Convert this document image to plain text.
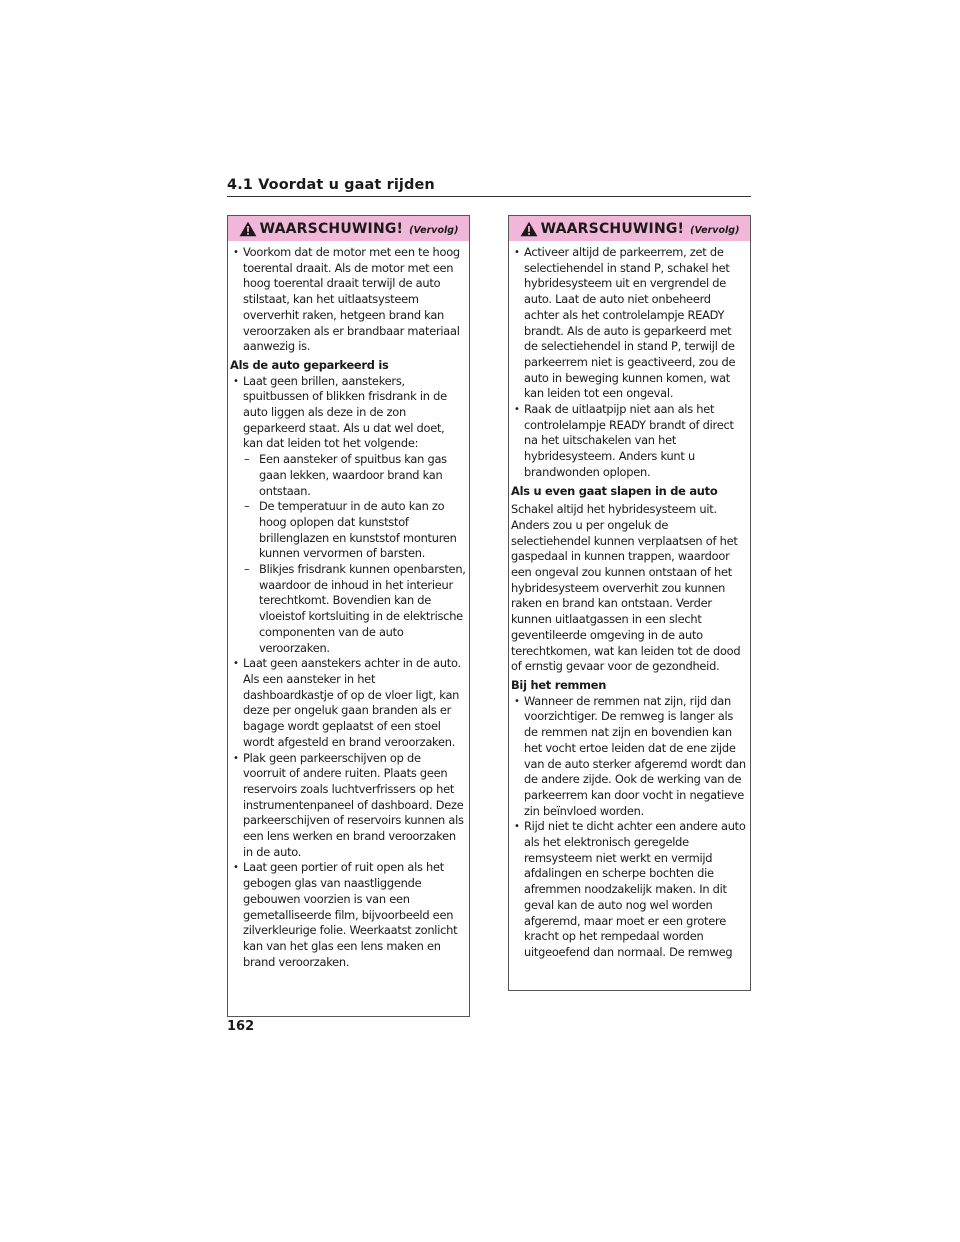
4.1 Voordat u gaat rijden
WAARSCHUWING! (Vervolg)
• Voorkom dat de motor met een te hoog toerental draait. Als de motor met een hoog toerental draait terwijl de auto stilstaat, kan het uitlaatsysteem oververhit raken, hetgeen brand kan veroorzaken als er brandbaar materiaal aanwezig is.
Als de auto geparkeerd is
• Laat geen brillen, aanstekers, spuitbussen of blikken frisdrank in de auto liggen als deze in de zon geparkeerd staat. Als u dat wel doet, kan dat leiden tot het volgende:
– Een aansteker of spuitbus kan gas gaan lekken, waardoor brand kan ontstaan.
– De temperatuur in de auto kan zo hoog oplopen dat kunststof brillenglazen en kunststof monturen kunnen vervormen of barsten.
– Blikjes frisdrank kunnen openbarsten, waardoor de inhoud in het interieur terechtkomt. Bovendien kan de vloeistof kortsluiting in de elektrische componenten van de auto veroorzaken.
• Laat geen aanstekers achter in de auto. Als een aansteker in het dashboardkastje of op de vloer ligt, kan deze per ongeluk gaan branden als er bagage wordt geplaatst of een stoel wordt afgesteld en brand veroorzaken.
• Plak geen parkeerschijven op de voorruit of andere ruiten. Plaats geen reservoirs zoals luchtverfrissers op het instrumentenpaneel of dashboard. Deze parkeerschijven of reservoirs kunnen als een lens werken en brand veroorzaken in de auto.
• Laat geen portier of ruit open als het gebogen glas van naastliggende gebouwen voorzien is van een gemetalliseerde film, bijvoorbeeld een zilverkleurige folie. Weerkaatst zonlicht kan van het glas een lens maken en brand veroorzaken.
WAARSCHUWING! (Vervolg)
• Activeer altijd de parkeerrem, zet de selectiehendel in stand P, schakel het hybridesysteem uit en vergrendel de auto. Laat de auto niet onbeheerd achter als het controlelampje READY brandt. Als de auto is geparkeerd met de selectiehendel in stand P, terwijl de parkeerrem niet is geactiveerd, zou de auto in beweging kunnen komen, wat kan leiden tot een ongeval.
• Raak de uitlaatpijp niet aan als het controlelampje READY brandt of direct na het uitschakelen van het hybridesysteem. Anders kunt u brandwonden oplopen.
Als u even gaat slapen in de auto
Schakel altijd het hybridesysteem uit. Anders zou u per ongeluk de selectiehendel kunnen verplaatsen of het gaspedaal in kunnen trappen, waardoor een ongeval zou kunnen ontstaan of het hybridesysteem oververhit zou kunnen raken en brand kan ontstaan. Verder kunnen uitlaatgassen in een slecht geventileerde omgeving in de auto terechtkomen, wat kan leiden tot de dood of ernstig gevaar voor de gezondheid.
Bij het remmen
• Wanneer de remmen nat zijn, rijd dan voorzichtiger. De remweg is langer als de remmen nat zijn en bovendien kan het vocht ertoe leiden dat de ene zijde van de auto sterker afgeremd wordt dan de andere zijde. Ook de werking van de parkeerrem kan door vocht in negatieve zin beïnvloed worden.
• Rijd niet te dicht achter een andere auto als het elektronisch geregelde remsysteem niet werkt en vermijd afdalingen en scherpe bochten die afremmen noodzakelijk maken. In dit geval kan de auto nog wel worden afgeremd, maar moet er een grotere kracht op het rempedaal worden uitgeoefend dan normaal. De remweg
162
